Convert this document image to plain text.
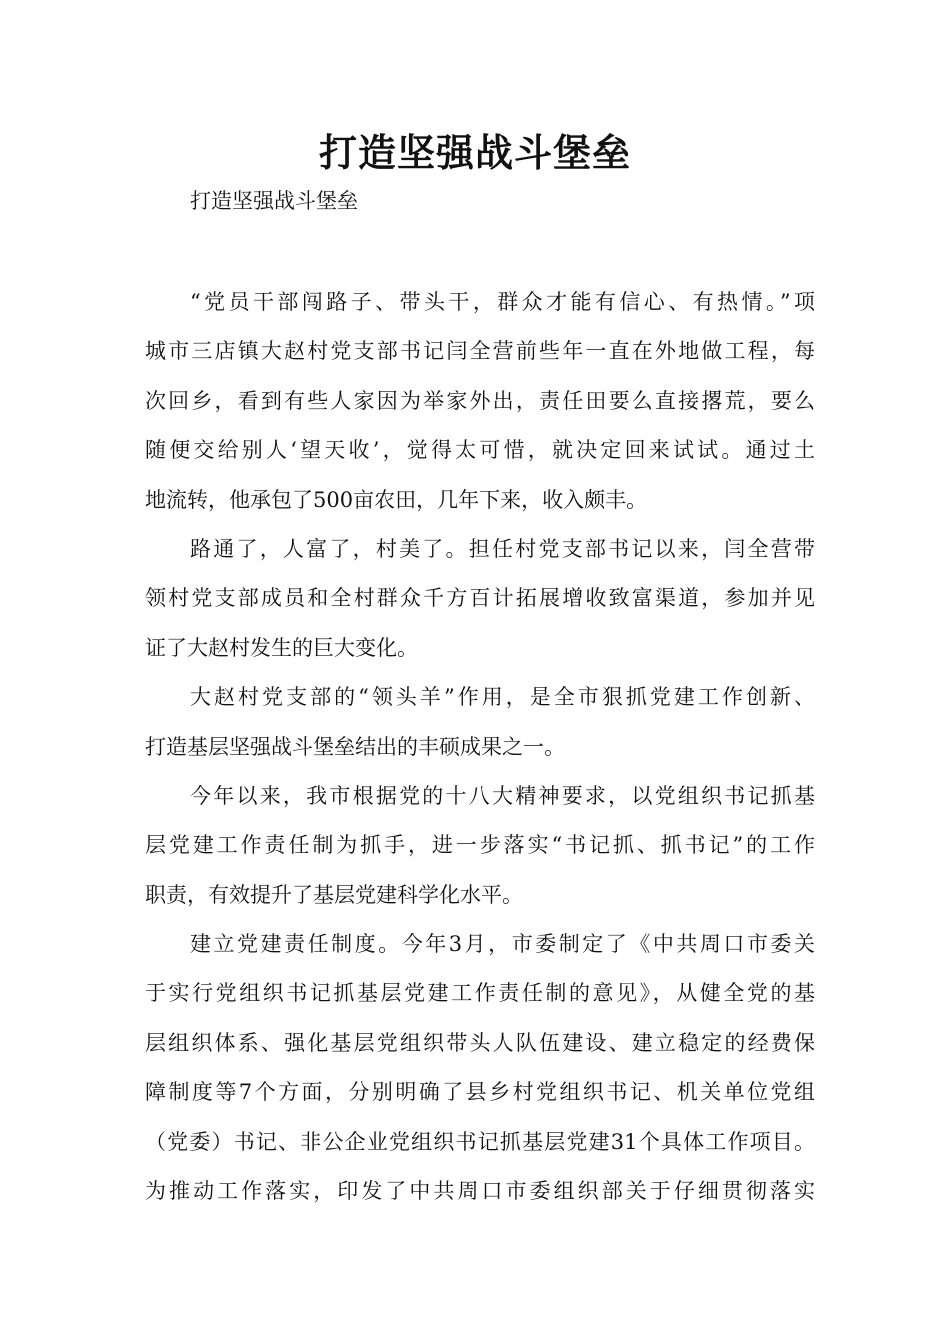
打造坚强战斗堡垒

打造坚强战斗堡垒

“党员干部闯路子、带头干，群众才能有信心、有热情。”项
城市三店镇大赵村党支部书记闫全营前些年一直在外地做工程，每
次回乡，看到有些人家因为举家外出，责任田要么直接撂荒，要么
随便交给别人‘望天收’，觉得太可惜，就决定回来试试。通过土
地流转，他承包了500亩农田，几年下来，收入颇丰。
路通了，人富了，村美了。担任村党支部书记以来，闫全营带
领村党支部成员和全村群众千方百计拓展增收致富渠道，参加并见
证了大赵村发生的巨大变化。
大赵村党支部的“领头羊”作用，是全市狠抓党建工作创新、
打造基层坚强战斗堡垒结出的丰硕成果之一。
今年以来，我市根据党的十八大精神要求，以党组织书记抓基
层党建工作责任制为抓手，进一步落实“书记抓、抓书记”的工作
职责，有效提升了基层党建科学化水平。
建立党建责任制度。今年3月，市委制定了《中共周口市委关
于实行党组织书记抓基层党建工作责任制的意见》，从健全党的基
层组织体系、强化基层党组织带头人队伍建设、建立稳定的经费保
障制度等7个方面，分别明确了县乡村党组织书记、机关单位党组
（党委）书记、非公企业党组织书记抓基层党建31个具体工作项目。
为推动工作落实，印发了中共周口市委组织部关于仔细贯彻落实
